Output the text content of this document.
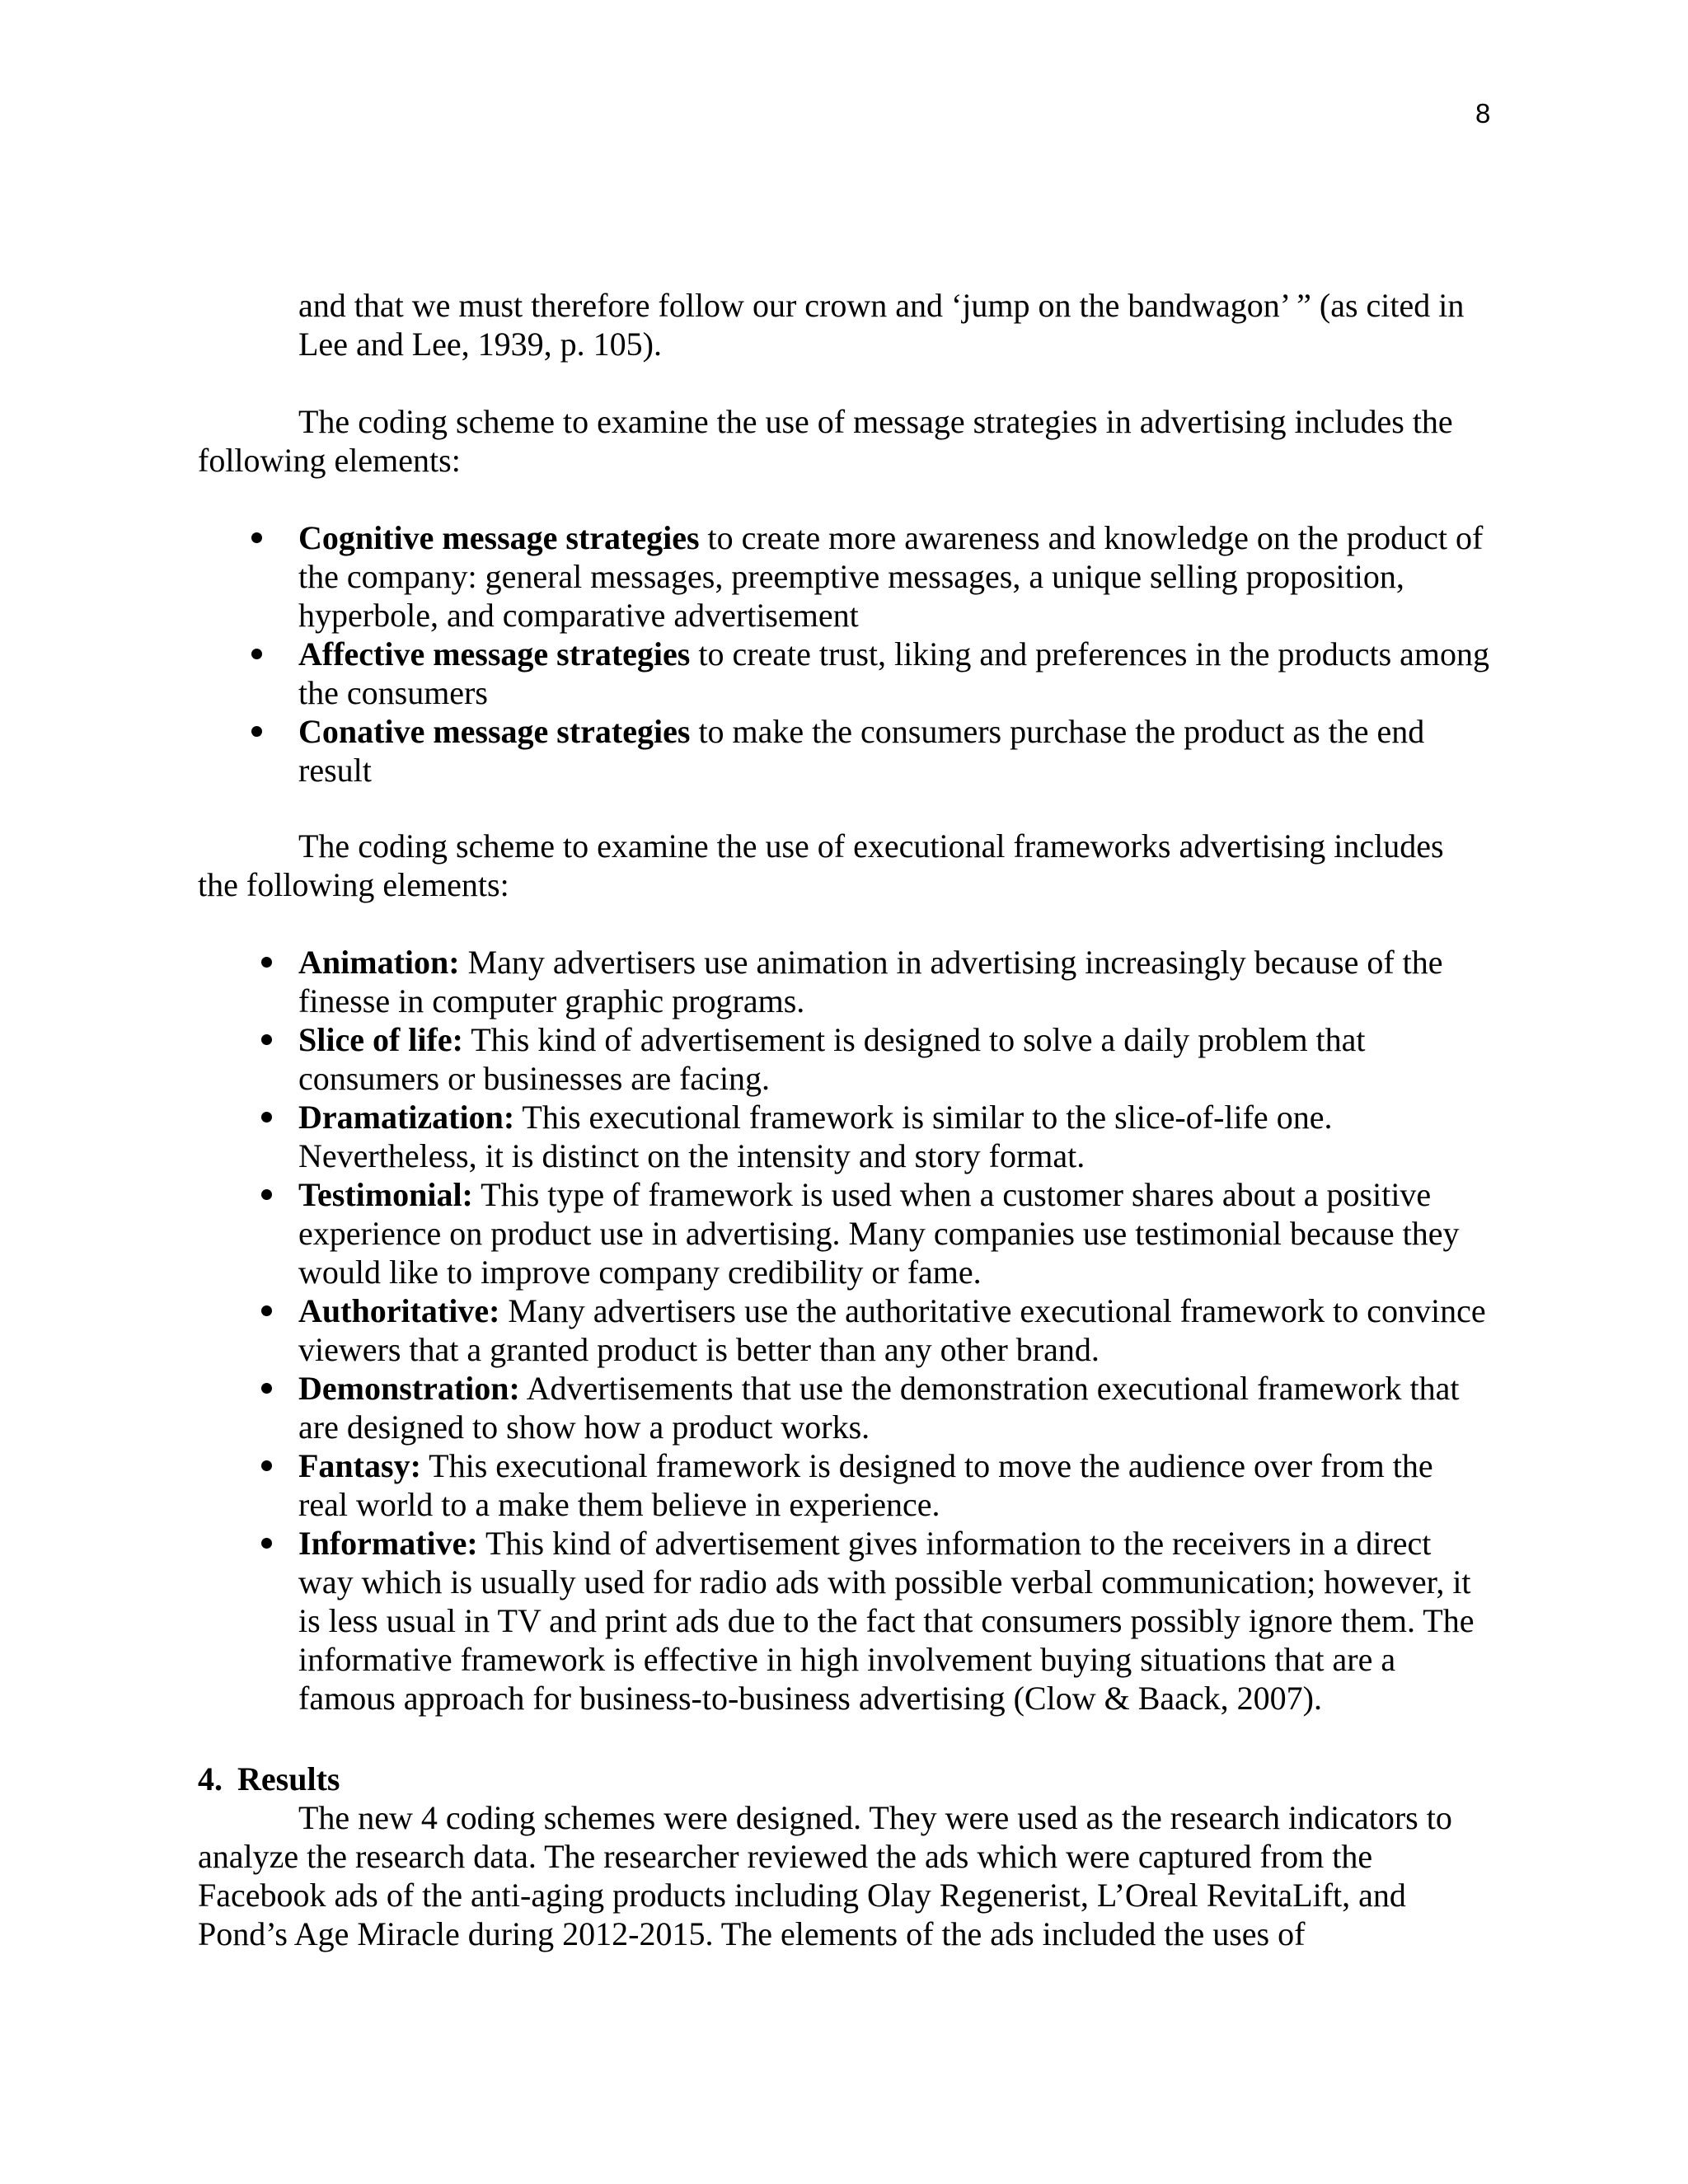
8

and that we must therefore follow our crown and ‘jump on the bandwagon’ ” (as cited in Lee and Lee, 1939, p. 105).

The coding scheme to examine the use of message strategies in advertising includes the following elements:

Cognitive message strategies to create more awareness and knowledge on the product of the company: general messages, preemptive messages, a unique selling proposition, hyperbole, and comparative advertisement
Affective message strategies to create trust, liking and preferences in the products among the consumers
Conative message strategies to make the consumers purchase the product as the end result

The coding scheme to examine the use of executional frameworks advertising includes the following elements:

Animation: Many advertisers use animation in advertising increasingly because of the finesse in computer graphic programs.
Slice of life: This kind of advertisement is designed to solve a daily problem that consumers or businesses are facing.
Dramatization: This executional framework is similar to the slice-of-life one. Nevertheless, it is distinct on the intensity and story format.
Testimonial: This type of framework is used when a customer shares about a positive experience on product use in advertising. Many companies use testimonial because they would like to improve company credibility or fame.
Authoritative: Many advertisers use the authoritative executional framework to convince viewers that a granted product is better than any other brand.
Demonstration: Advertisements that use the demonstration executional framework that are designed to show how a product works.
Fantasy: This executional framework is designed to move the audience over from the real world to a make them believe in experience.
Informative: This kind of advertisement gives information to the receivers in a direct way which is usually used for radio ads with possible verbal communication; however, it is less usual in TV and print ads due to the fact that consumers possibly ignore them. The informative framework is effective in high involvement buying situations that are a famous approach for business-to-business advertising (Clow & Baack, 2007).
4. Results

The new 4 coding schemes were designed. They were used as the research indicators to analyze the research data. The researcher reviewed the ads which were captured from the Facebook ads of the anti-aging products including Olay Regenerist, L’Oreal RevitaLift, and Pond’s Age Miracle during 2012-2015. The elements of the ads included the uses of
